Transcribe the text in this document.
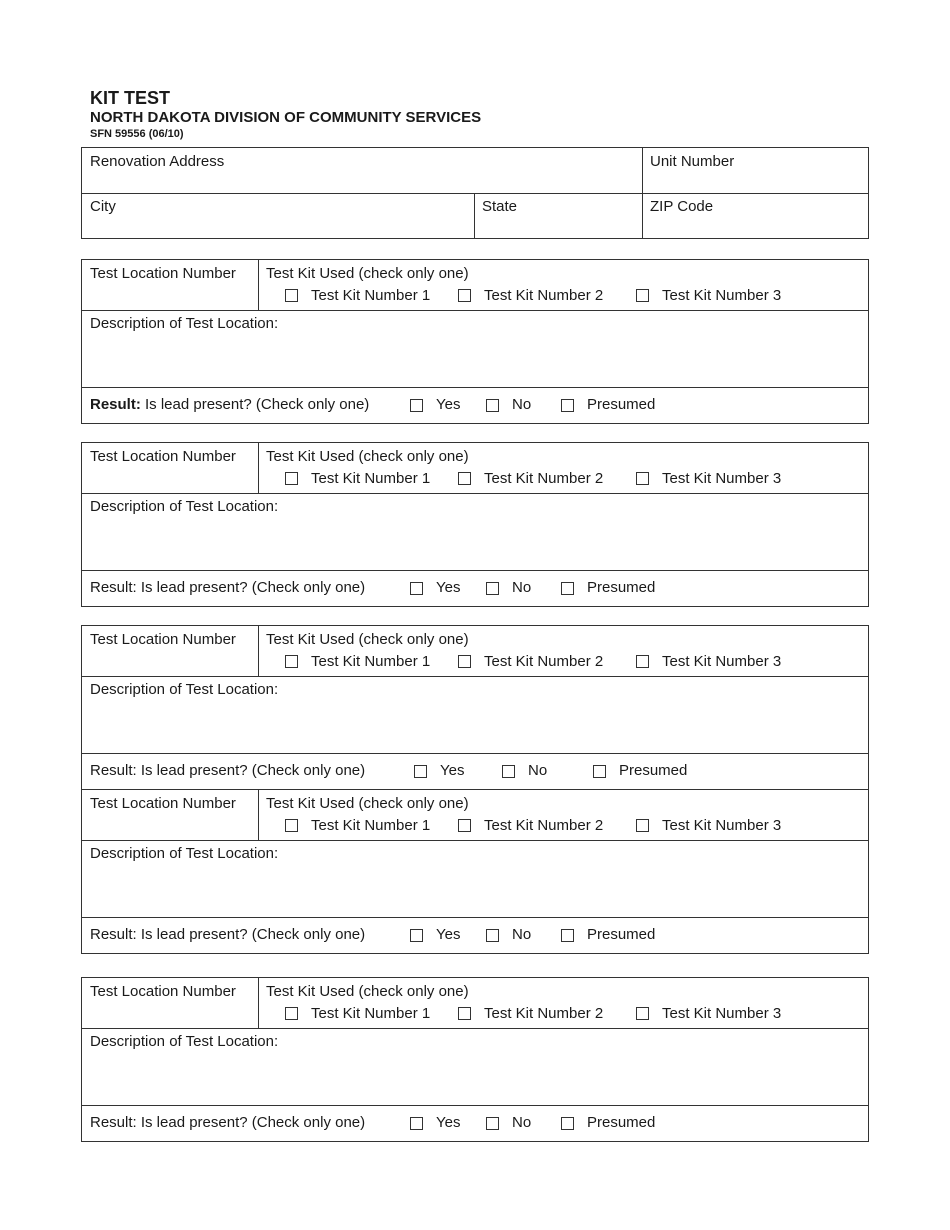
KIT TEST
NORTH DAKOTA DIVISION OF COMMUNITY SERVICES
SFN 59556 (06/10)
Renovation Address	Unit Number
City	State	ZIP Code
Test Location Number	Test Kit Used (check only one)
Test Kit Number 1	Test Kit Number 2	Test Kit Number 3
Description of Test Location:
Result: Is lead present? (Check only one)	Yes	No	Presumed
Test Location Number	Test Kit Used (check only one)
Test Kit Number 1	Test Kit Number 2	Test Kit Number 3
Description of Test Location:
Result: Is lead present? (Check only one)	Yes	No	Presumed
Test Location Number	Test Kit Used (check only one)
Test Kit Number 1	Test Kit Number 2	Test Kit Number 3
Description of Test Location:
Result: Is lead present? (Check only one)	Yes	No	Presumed
Test Location Number	Test Kit Used (check only one)
Test Kit Number 1	Test Kit Number 2	Test Kit Number 3
Description of Test Location:
Result: Is lead present? (Check only one)	Yes	No	Presumed
Test Location Number	Test Kit Used (check only one)
Test Kit Number 1	Test Kit Number 2	Test Kit Number 3
Description of Test Location:
Result: Is lead present? (Check only one)	Yes	No	Presumed
